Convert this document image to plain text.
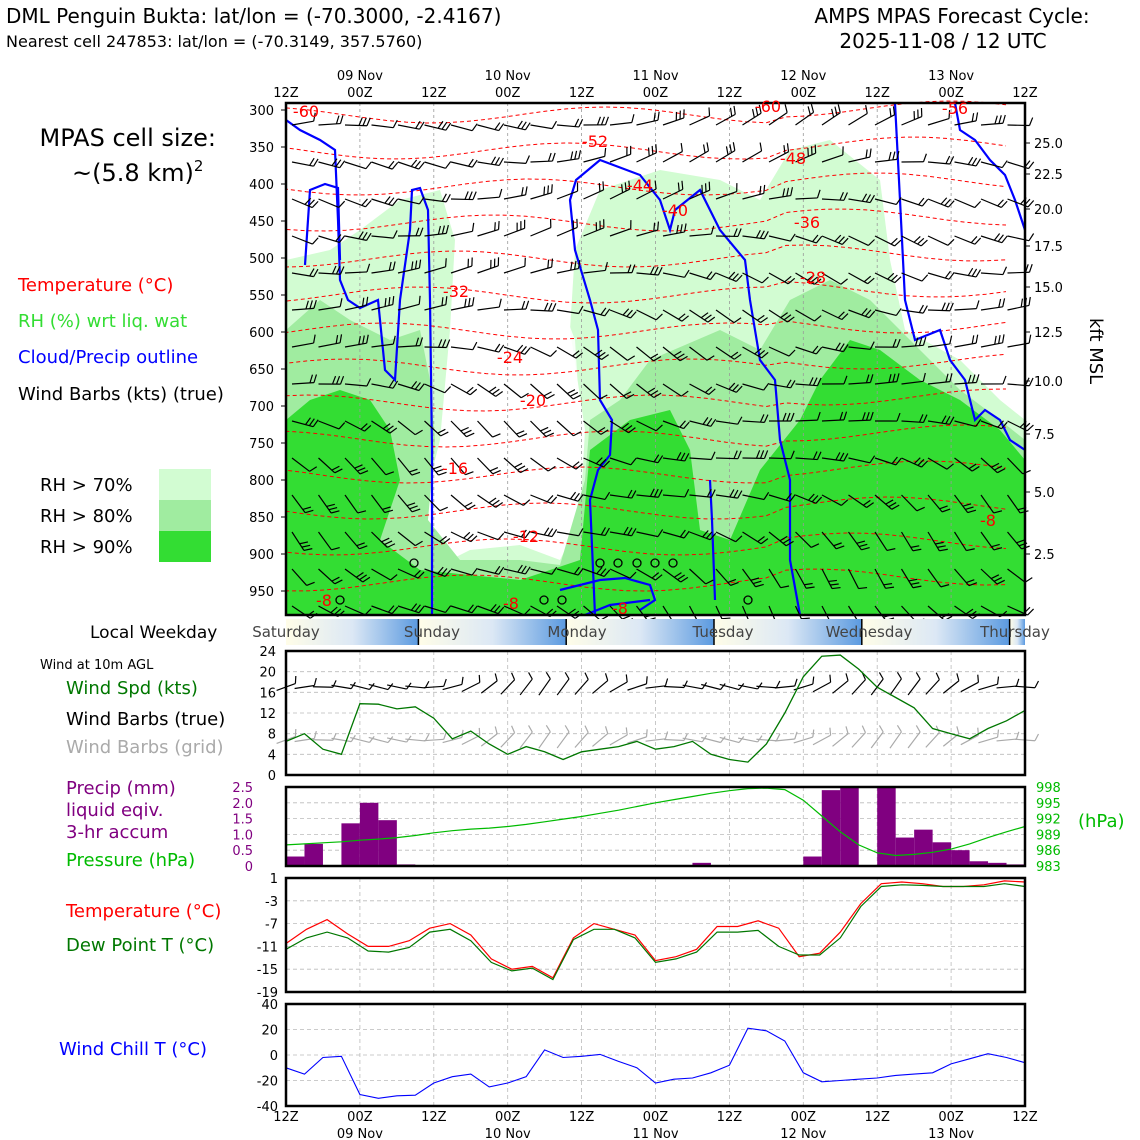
DML Penguin Bukta: lat/lon = (-70.3000, -2.4167)
Nearest cell 247853: lat/lon = (-70.3149, 357.5760)
AMPS MPAS Forecast Cycle:
2025-11-08 / 12 UTC
MPAS cell size:
~(5.8 km)$^2$
Temperature (°C)
RH (%) wrt liq. wat
Cloud/Precip outline
Wind Barbs (kts) (true)
RH > 70%
RH > 80%
RH > 90%
Local Weekday
Wind at 10m AGL
Wind Spd (kts)
Wind Barbs (true)
Wind Barbs (grid)
Precip (mm)
liquid eqiv.
3-hr accum
Pressure (hPa)
Temperature (°C)
Dew Point T (°C)
Wind Chill T (°C)
(hPa)
kft MSL
-60
-52
-44
-40
-60
-48
-56
-36
-32
-28
-24
-20
-16
-12
-8	-8	-8
-8
300
350
400
450
500
550
600
650
700
750
800
850
900
950
25.0
22.5
20.0
17.5
15.0
12.5
10.0
7.5
5.0
2.5
12Z	00Z	12Z	00Z	12Z	00Z	12Z	00Z	12Z	00Z	12Z
09 Nov	10 Nov	11 Nov	12 Nov	13 Nov
Saturday	Sunday	Monday	Tuesday	Wednesday	Thursday
0
4
8
12
16
20
24
0
0.5
1.0
1.5
2.0
2.5
983
986
989
992
995
998
1
-3
-7
-11
-15
-19
40
20
0
-20
-40
12Z	00Z	12Z	00Z	12Z	00Z	12Z	00Z	12Z	00Z	12Z
09 Nov	10 Nov	11 Nov	12 Nov	13 Nov
